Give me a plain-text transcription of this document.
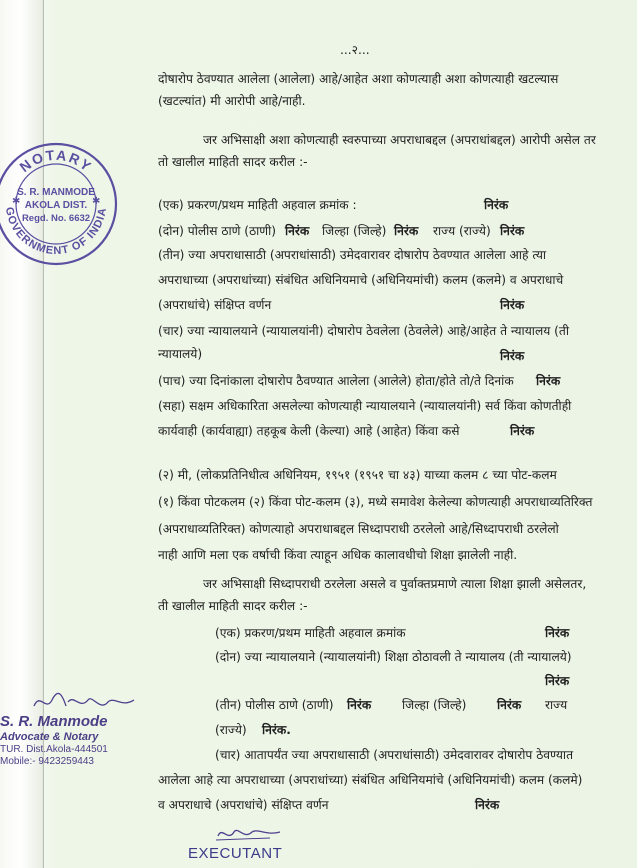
...२...
दोषारोप ठेवण्यात आलेला (आलेला) आहे/आहेत अशा कोणत्याही अशा कोणत्याही खटल्यास
(खटल्यांत) मी आरोपी आहे/नाही.
जर अभिसाक्षी अशा कोणत्याही स्वरुपाच्या अपराधाबद्दल (अपराधांबद्दल) आरोपी असेल तर
तो खालील माहिती सादर करील :-
(एक) प्रकरण/प्रथम माहिती अहवाल क्रमांक :	निरंक
(दोन) पोलीस ठाणे (ठाणी) निरंक जिल्हा (जिल्हे) निरंक राज्य (राज्ये) निरंक
(तीन) ज्या अपराधासाठी (अपराधांसाठी) उमेदवारावर दोषारोप ठेवण्यात आलेला आहे त्या
अपराधाच्या (अपराधांच्या) संबंधित अधिनियमाचे (अधिनियमांची) कलम (कलमे) व अपराधाचे
(अपराधांचे) संक्षिप्त वर्णन	निरंक
(चार) ज्या न्यायालयाने (न्यायालयांनी) दोषारोप ठेवलेला (ठेवलेले) आहे/आहेत ते न्यायालय (ती
न्यायालये)	निरंक
(पाच) ज्या दिनांकाला दोषारोप ठैवण्यात आलेला (आलेले) होता/होते तो/ते दिनांक निरंक
(सहा) सक्षम अधिकारिता असलेल्या कोणत्याही न्यायालयाने (न्यायालयांनी) सर्व किंवा कोणतीही
कार्यवाही (कार्यवाह्या) तहकूब केली (केल्या) आहे (आहेत) किंवा कसे	निरंक
(२) मी, (लोकप्रतिनिधीत्व अधिनियम, १९५१ (१९५१ चा ४३) याच्या कलम ८ च्या पोट-कलम
(१) किंवा पोटकलम (२) किंवा पोट-कलम (३), मध्ये समावेश केलेल्या कोणत्याही अपराधाव्यतिरिक्त
(अपराधाव्यतिरिक्त) कोणत्याहो अपराधाबद्दल सिध्दापराधी ठरलेलो आहे/सिध्दापराधी ठरलेलो
नाही आणि मला एक वर्षाची किंवा त्याहून अधिक कालावधीचो शिक्षा झालेली नाही.
जर अभिसाक्षी सिध्दापराधी ठरलेला असले व पुर्वाक्तप्रमाणे त्याला शिक्षा झाली असेलतर,
ती खालील माहिती सादर करील :-
(एक) प्रकरण/प्रथम माहिती अहवाल क्रमांक	निरंक
(दोन) ज्या न्यायालयाने (न्यायालयांनी) शिक्षा ठोठावली ते न्यायालय (ती न्यायालये)
निरंक
(तीन) पोलीस ठाणे (ठाणी) निरंक	जिल्हा (जिल्हे)	निरंक राज्य
(राज्ये) निरंक.
(चार) आतापर्यंत ज्या अपराधासाठी (अपराधांसाठी) उमेदवारावर दोषारोप ठेवण्यात
आलेला आहे त्या अपराधाच्या (अपराधांच्या) संबंधित अधिनियमांचे (अधिनियमांची) कलम (कलमे)
व अपराधाचे (अपराधांचे) संक्षिप्त वर्णन	निरंक
NOTARY
GOVERNMENT OF INDIA
S. R. MANMODE
AKOLA DIST.
Regd. No. 6632
✱	✱
S. R. Manmode
Advocate & Notary
TUR. Dist.Akola-444501
Mobile:- 9423259443
EXECUTANT
